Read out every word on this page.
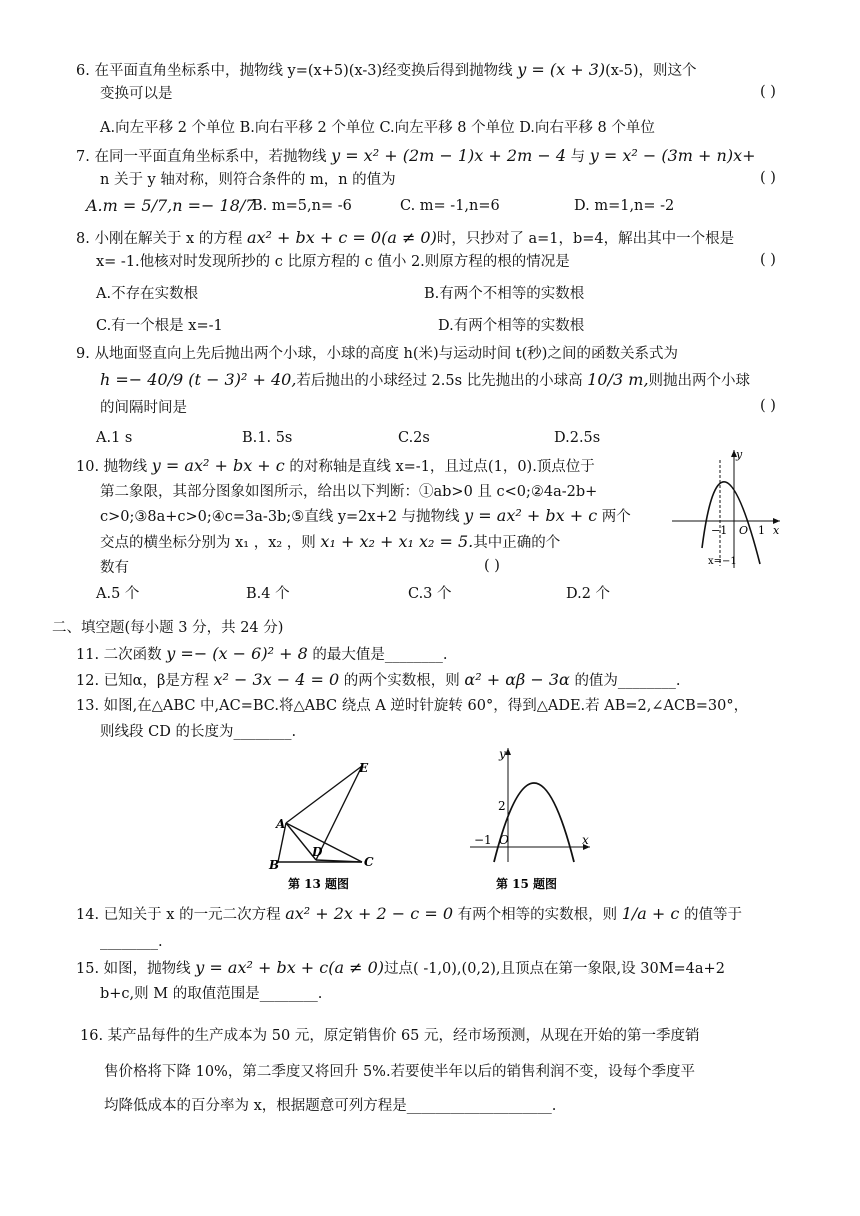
6. 在平面直角坐标系中，抛物线 y=(x+5)(x-3)经变换后得到抛物线 y = (x + 3)(x-5)，则这个
变换可以是	( )
A.向左平移 2 个单位 B.向右平移 2 个单位 C.向左平移 8 个单位 D.向右平移 8 个单位
7. 在同一平面直角坐标系中，若抛物线 y = x² + (2m − 1)x + 2m − 4 与 y = x² − (3m + n)x+
n 关于 y 轴对称，则符合条件的 m，n 的值为	( )
A.m = 5/7,n =− 18/7
B. m=5,n= -6	C. m= -1,n=6	D. m=1,n= -2
8. 小刚在解关于 x 的方程 ax² + bx + c = 0(a ≠ 0)时，只抄对了 a=1，b=4，解出其中一个根是
x= -1.他核对时发现所抄的 c 比原方程的 c 值小 2.则原方程的根的情况是	( )
A.不存在实数根	B.有两个不相等的实数根
C.有一个根是 x=-1	D.有两个相等的实数根
9. 从地面竖直向上先后抛出两个小球，小球的高度 h(米)与运动时间 t(秒)之间的函数关系式为
h =− 40/9 (t − 3)² + 40,若后抛出的小球经过 2.5s 比先抛出的小球高 10/3 m,则抛出两个小球
的间隔时间是	( )
A.1 s	B.1. 5s	C.2s	D.2.5s
10. 抛物线 y = ax² + bx + c 的对称轴是直线 x=-1，且过点(1，0).顶点位于
第二象限，其部分图象如图所示，给出以下判断：①ab>0 且 c<0;②4a-2b+
c>0;③8a+c>0;④c=3a-3b;⑤直线 y=2x+2 与抛物线 y = ax² + bx + c 两个
交点的横坐标分别为 x₁ ，x₂ ，则 x₁ + x₂ + x₁ x₂ = 5.其中正确的个
数有	( )
A.5 个	B.4 个	C.3 个	D.2 个
y
−1 O 1 x
x=−1
二、填空题(每小题 3 分，共 24 分)
11. 二次函数 y =− (x − 6)² + 8 的最大值是________.
12. 已知α，β是方程 x² − 3x − 4 = 0 的两个实数根，则 α² + αβ − 3α 的值为________.
13. 如图,在△ABC 中,AC=BC.将△ABC 绕点 A 逆时针旋转 60°，得到△ADE.若 AB=2,∠ACB=30°，
则线段 CD 的长度为________.
E
A
B
D
C
第 13 题图
y
2
−1 O	x
第 15 题图
14. 已知关于 x 的一元二次方程 ax² + 2x + 2 − c = 0 有两个相等的实数根，则 1/a + c 的值等于
________.
15. 如图，抛物线 y = ax² + bx + c(a ≠ 0)过点( -1,0),(0,2),且顶点在第一象限,设 30M=4a+2
b+c,则 M 的取值范围是________.
16. 某产品每件的生产成本为 50 元，原定销售价 65 元，经市场预测，从现在开始的第一季度销
售价格将下降 10%，第二季度又将回升 5%.若要使半年以后的销售利润不变，设每个季度平
均降低成本的百分率为 x，根据题意可列方程是____________________.
